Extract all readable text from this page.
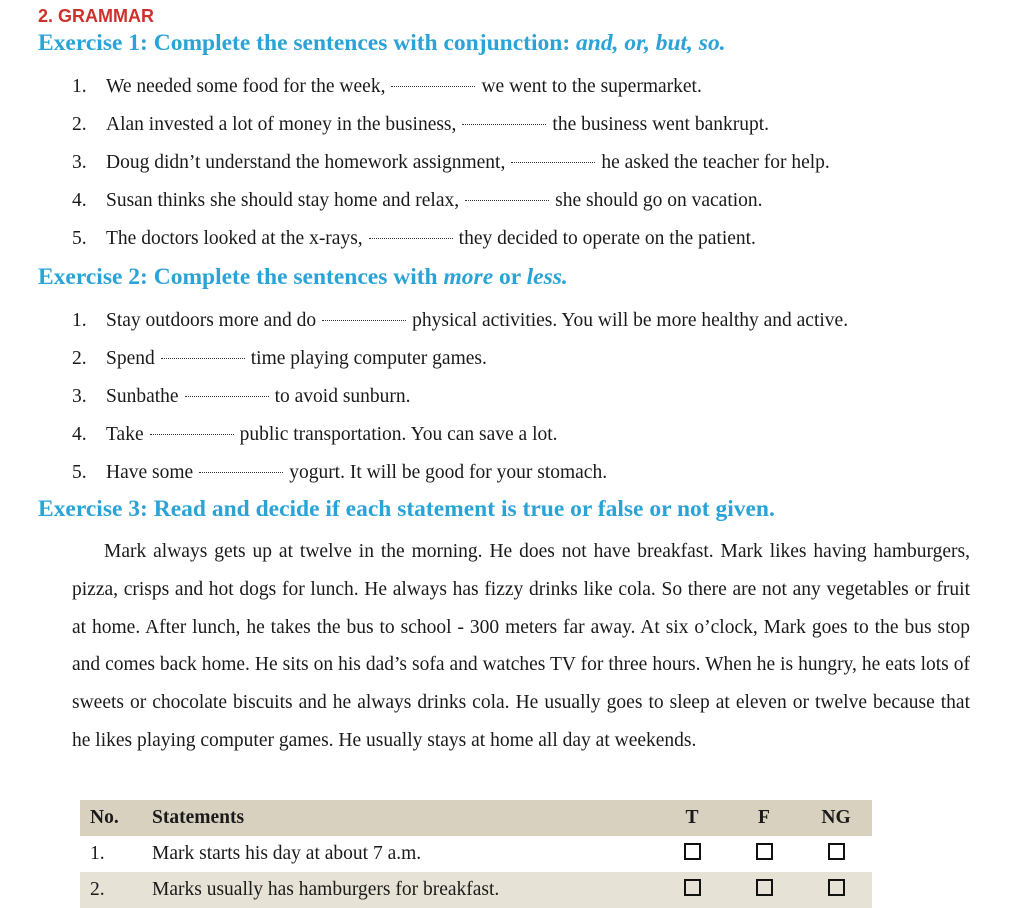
2. GRAMMAR
Exercise 1: Complete the sentences with conjunction: and, or, but, so.
1. We needed some food for the week,	we went to the supermarket.
2. Alan invested a lot of money in the business,	the business went bankrupt.
3. Doug didn’t understand the homework assignment,	he asked the teacher for help.
4. Susan thinks she should stay home and relax,	she should go on vacation.
5. The doctors looked at the x-rays,	they decided to operate on the patient.
Exercise 2: Complete the sentences with more or less.
1. Stay outdoors more and do	physical activities. You will be more healthy and active.
2. Spend	time playing computer games.
3. Sunbathe	to avoid sunburn.
4. Take	public transportation. You can save a lot.
5. Have some	yogurt. It will be good for your stomach.
Exercise 3: Read and decide if each statement is true or false or not given.
Mark always gets up at twelve in the morning. He does not have breakfast. Mark likes having hamburgers, pizza, crisps and hot dogs for lunch. He always has fizzy drinks like cola. So there are not any vegetables or fruit at home. After lunch, he takes the bus to school - 300 meters far away. At six o’clock, Mark goes to the bus stop and comes back home. He sits on his dad’s sofa and watches TV for three hours. When he is hungry, he eats lots of sweets or chocolate biscuits and he always drinks cola. He usually goes to sleep at eleven or twelve because that he likes playing computer games. He usually stays at home all day at weekends.
No.	Statements	T	F	NG
1.	Mark starts his day at about 7 a.m.			
2.	Marks usually has hamburgers for breakfast.			
